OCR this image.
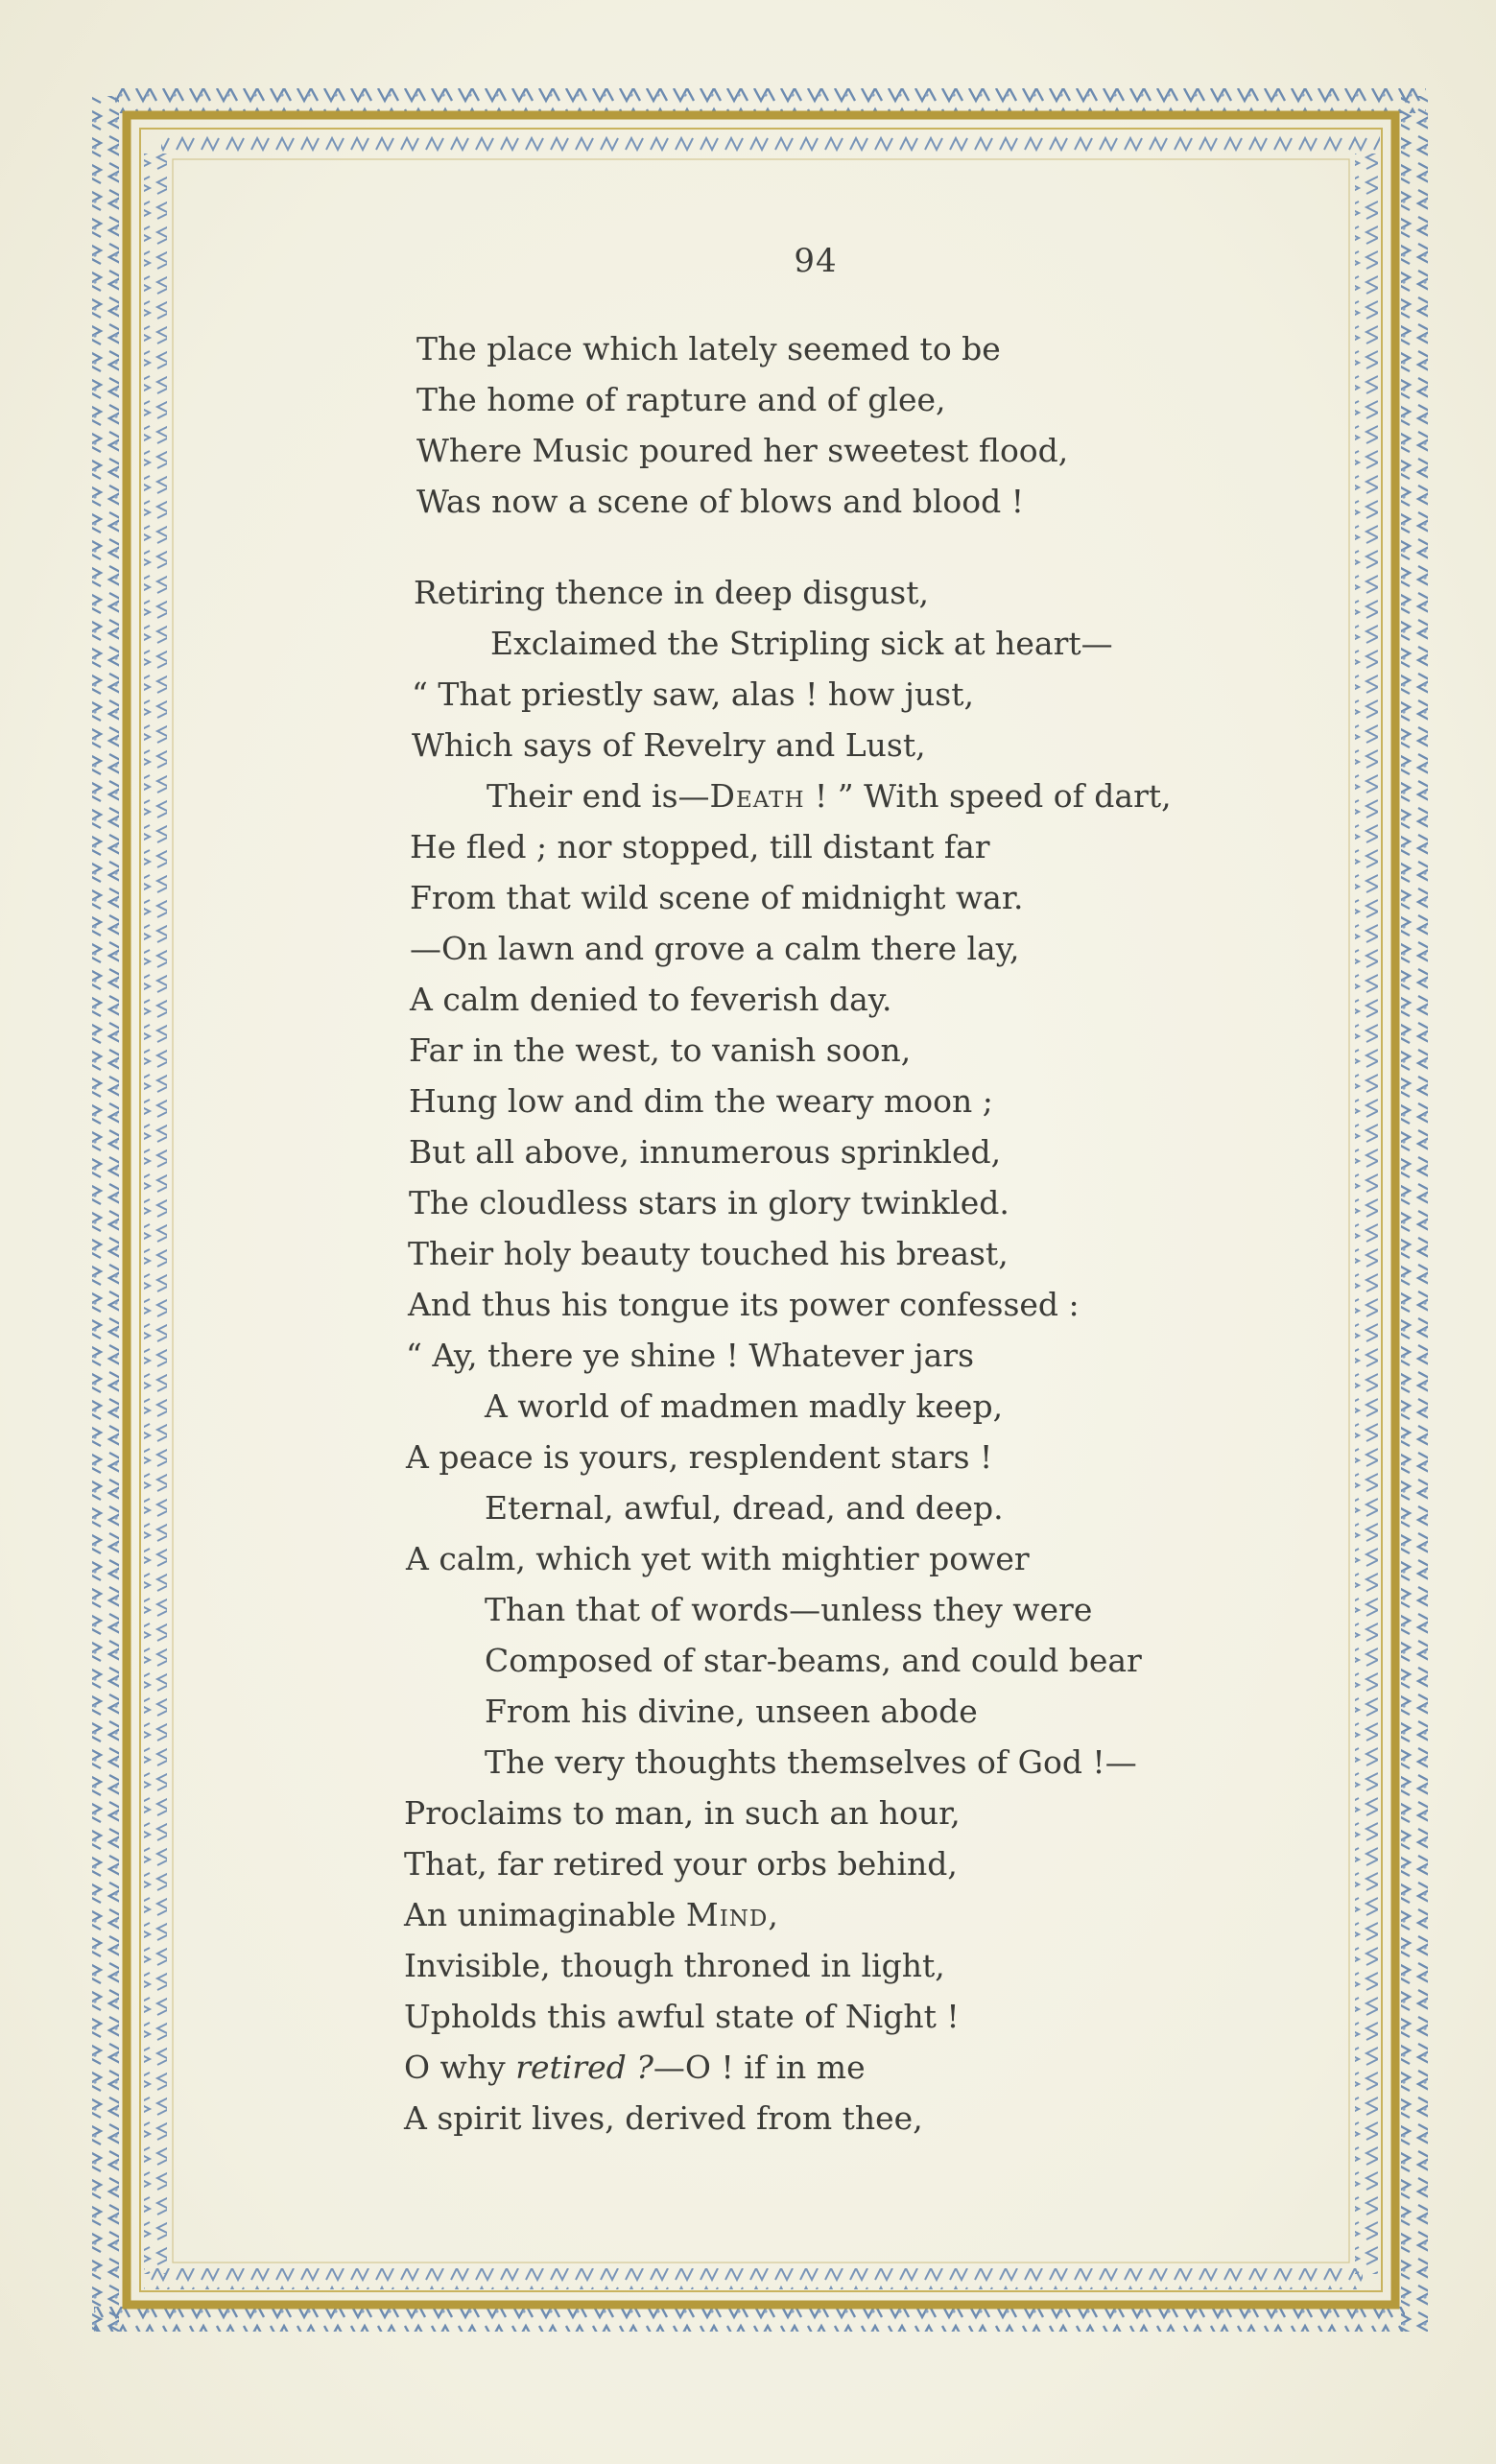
94
The place which lately seemed to be
The home of rapture and of glee,
Where Music poured her sweetest flood,
Was now a scene of blows and blood !
Retiring thence in deep disgust,
Exclaimed the Stripling sick at heart—
“ That priestly saw, alas ! how just,
Which says of Revelry and Lust,
Their end is—Death ! ” With speed of dart,
He fled ; nor stopped, till distant far
From that wild scene of midnight war.
—On lawn and grove a calm there lay,
A calm denied to feverish day.
Far in the west, to vanish soon,
Hung low and dim the weary moon ;
But all above, innumerous sprinkled,
The cloudless stars in glory twinkled.
Their holy beauty touched his breast,
And thus his tongue its power confessed :
“ Ay, there ye shine ! Whatever jars
A world of madmen madly keep,
A peace is yours, resplendent stars !
Eternal, awful, dread, and deep.
A calm, which yet with mightier power
Than that of words—unless they were
Composed of star-beams, and could bear
From his divine, unseen abode
The very thoughts themselves of God !—
Proclaims to man, in such an hour,
That, far retired your orbs behind,
An unimaginable Mind,
Invisible, though throned in light,
Upholds this awful state of Night !
O why retired ?—O ! if in me
A spirit lives, derived from thee,
